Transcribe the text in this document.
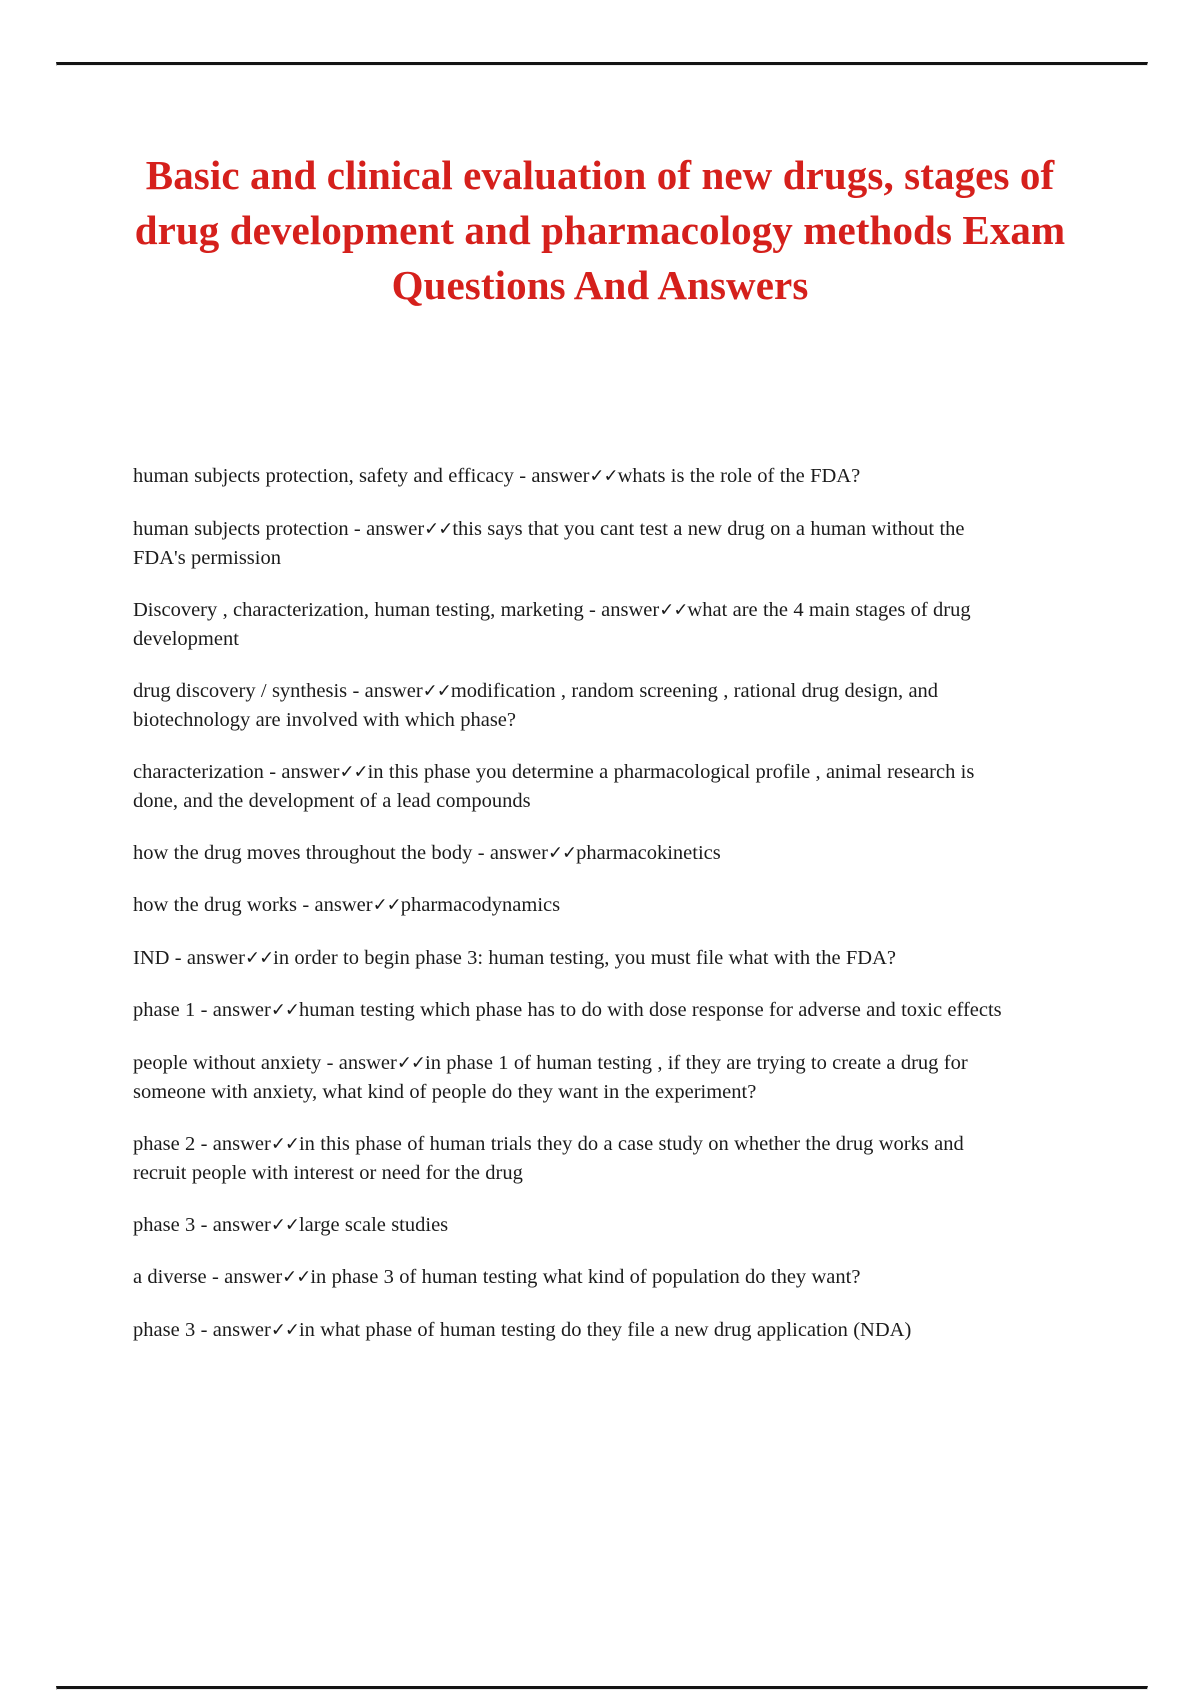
Basic and clinical evaluation of new drugs, stages of drug development and pharmacology methods Exam Questions And Answers

human subjects protection, safety and efficacy - answer✓✓whats is the role of the FDA?

human subjects protection - answer✓✓this says that you cant test a new drug on a human without the FDA's permission

Discovery , characterization, human testing, marketing - answer✓✓what are the 4 main stages of drug development

drug discovery / synthesis - answer✓✓modification , random screening , rational drug design, and biotechnology are involved with which phase?

characterization - answer✓✓in this phase you determine a pharmacological profile , animal research is done, and the development of a lead compounds

how the drug moves throughout the body - answer✓✓pharmacokinetics

how the drug works - answer✓✓pharmacodynamics

IND - answer✓✓in order to begin phase 3: human testing, you must file what with the FDA?

phase 1 - answer✓✓human testing which phase has to do with dose response for adverse and toxic effects

people without anxiety - answer✓✓in phase 1 of human testing , if they are trying to create a drug for someone with anxiety, what kind of people do they want in the experiment?

phase 2 - answer✓✓in this phase of human trials they do a case study on whether the drug works and recruit people with interest or need for the drug

phase 3 - answer✓✓large scale studies

a diverse - answer✓✓in phase 3 of human testing what kind of population do they want?

phase 3 - answer✓✓in what phase of human testing do they file a new drug application (NDA)
